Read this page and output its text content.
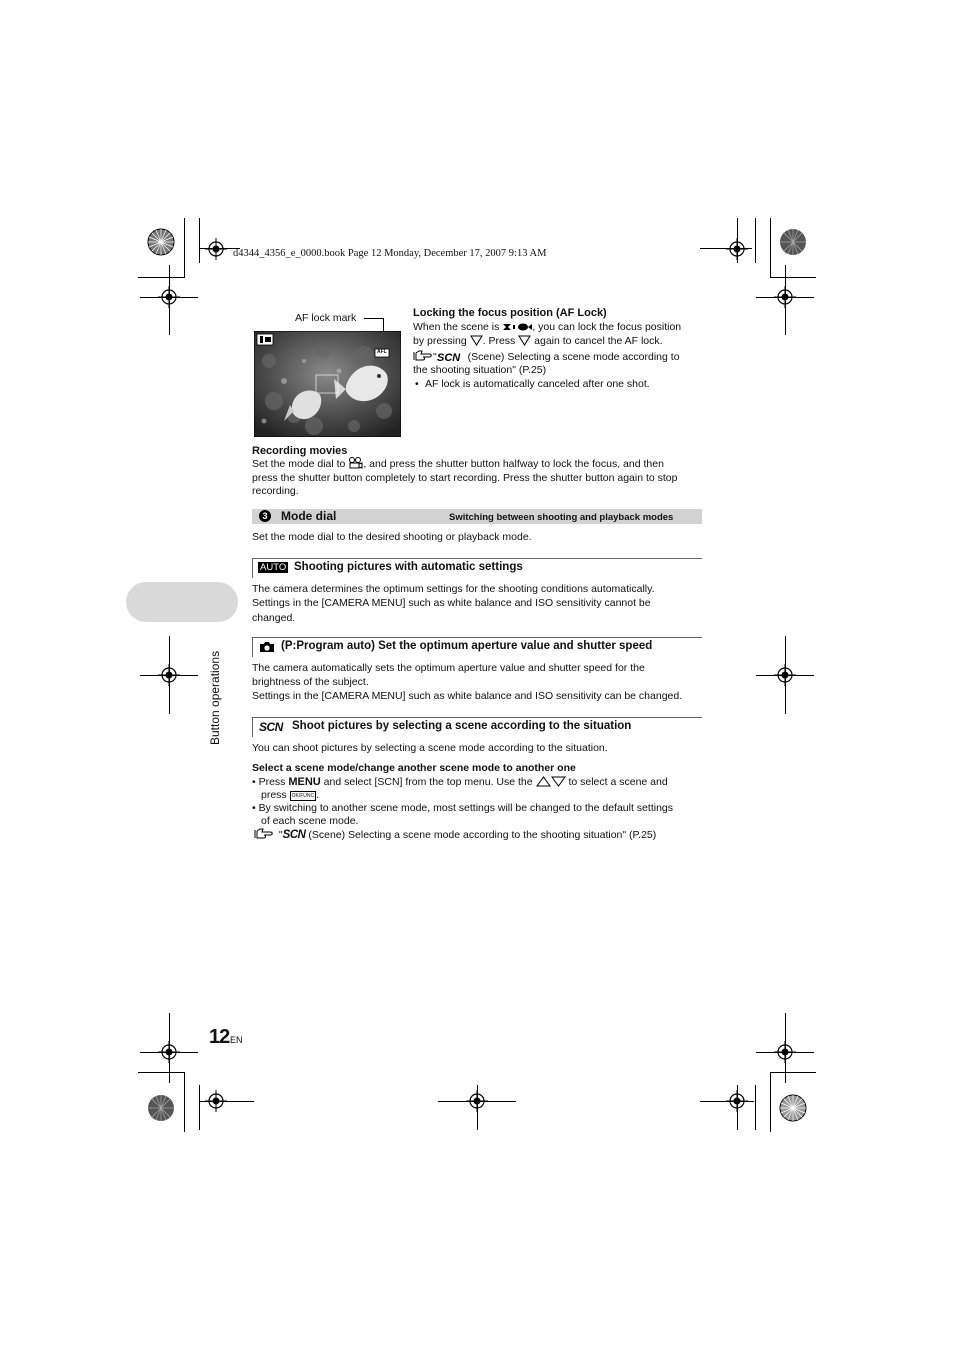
d4344_4356_e_0000.book Page 12 Monday, December 17, 2007 9:13 AM
Button operations
AF lock mark
AFL
Locking the focus position (AF Lock)
When the scene is	, you can lock the focus position
by pressing . Press again to cancel the AF lock.
" SCN (Scene) Selecting a scene mode according to
the shooting situation" (P.25)
• AF lock is automatically canceled after one shot.
Recording movies
Set the mode dial to , and press the shutter button halfway to lock the focus, and then
press the shutter button completely to start recording. Press the shutter button again to stop
recording.
3 Mode dial	Switching between shooting and playback modes
Set the mode dial to the desired shooting or playback mode.
AUTO Shooting pictures with automatic settings
The camera determines the optimum settings for the shooting conditions automatically.
Settings in the [CAMERA MENU] such as white balance and ISO sensitivity cannot be
changed.
(P:Program auto) Set the optimum aperture value and shutter speed
The camera automatically sets the optimum aperture value and shutter speed for the
brightness of the subject.
Settings in the [CAMERA MENU] such as white balance and ISO sensitivity can be changed.
SCN Shoot pictures by selecting a scene according to the situation
You can shoot pictures by selecting a scene mode according to the situation.
Select a scene mode/change another scene mode to another one
• Press MENU and select [SCN] from the top menu. Use the	to select a scene and
press OK/FUNC .
• By switching to another scene mode, most settings will be changed to the default settings
of each scene mode.
"SCN (Scene) Selecting a scene mode according to the shooting situation" (P.25)
12 EN
